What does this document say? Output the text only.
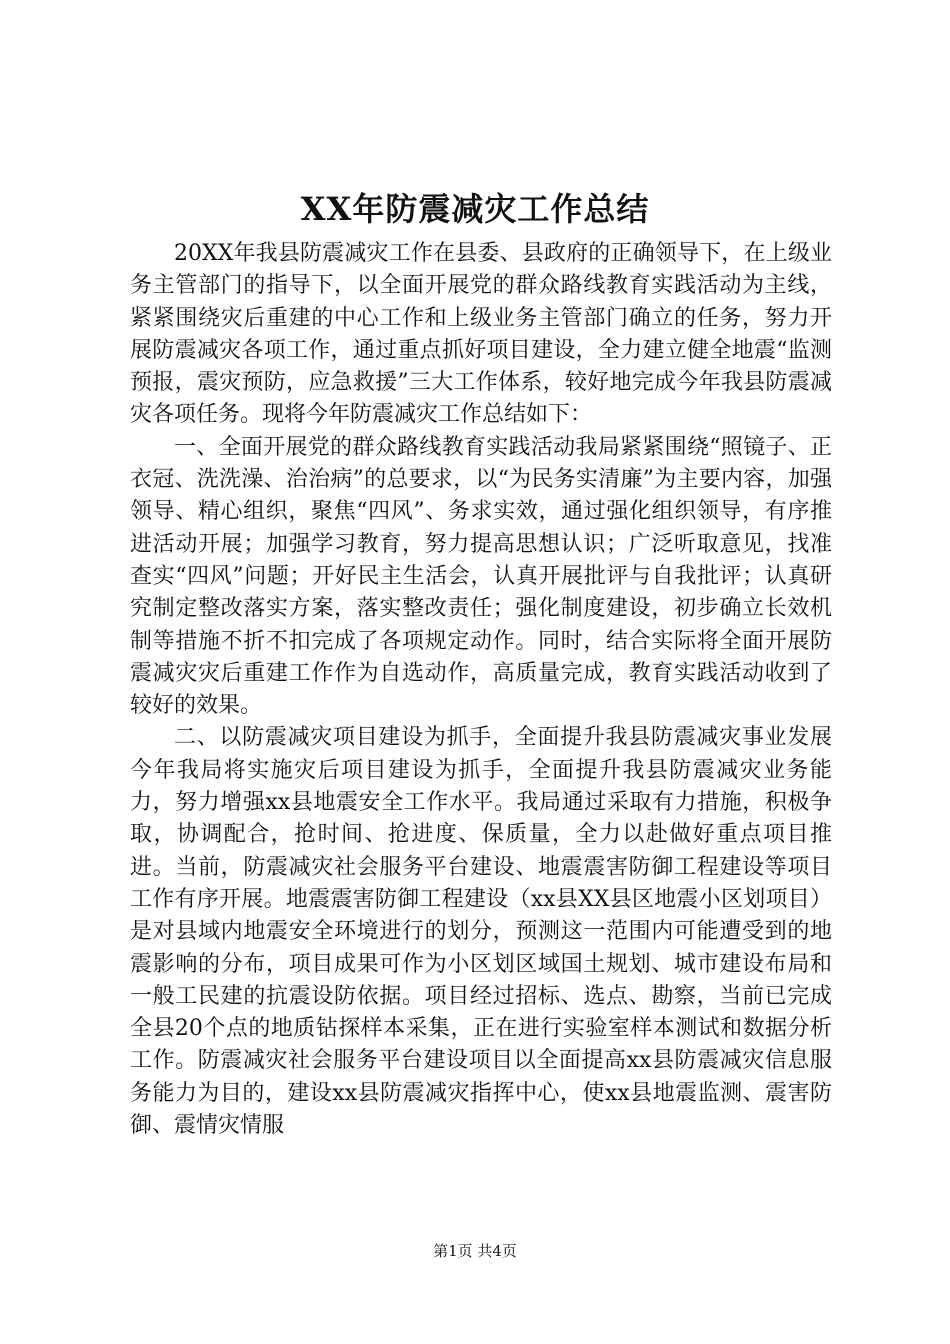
XX年防震减灾工作总结

20XX年我县防震减灾工作在县委、县政府的正确领导下，在上级业务主管部门的指导下，以全面开展党的群众路线教育实践活动为主线，紧紧围绕灾后重建的中心工作和上级业务主管部门确立的任务，努力开展防震减灾各项工作，通过重点抓好项目建设，全力建立健全地震“监测预报，震灾预防，应急救援”三大工作体系，较好地完成今年我县防震减灾各项任务。现将今年防震减灾工作总结如下：

一、全面开展党的群众路线教育实践活动我局紧紧围绕“照镜子、正衣冠、洗洗澡、治治病”的总要求，以“为民务实清廉”为主要内容，加强领导、精心组织，聚焦“四风”、务求实效，通过强化组织领导，有序推进活动开展；加强学习教育，努力提高思想认识；广泛听取意见，找准查实“四风”问题；开好民主生活会，认真开展批评与自我批评；认真研究制定整改落实方案，落实整改责任；强化制度建设，初步确立长效机制等措施不折不扣完成了各项规定动作。同时，结合实际将全面开展防震减灾灾后重建工作作为自选动作，高质量完成，教育实践活动收到了较好的效果。

二、以防震减灾项目建设为抓手，全面提升我县防震减灾事业发展今年我局将实施灾后项目建设为抓手，全面提升我县防震减灾业务能力，努力增强xx县地震安全工作水平。我局通过采取有力措施，积极争取，协调配合，抢时间、抢进度、保质量，全力以赴做好重点项目推进。当前，防震减灾社会服务平台建设、地震震害防御工程建设等项目工作有序开展。地震震害防御工程建设（xx县XX县区地震小区划项目）是对县域内地震安全环境进行的划分，预测这一范围内可能遭受到的地震影响的分布，项目成果可作为小区划区域国土规划、城市建设布局和一般工民建的抗震设防依据。项目经过招标、选点、勘察，当前已完成全县20个点的地质钻探样本采集，正在进行实验室样本测试和数据分析工作。防震减灾社会服务平台建设项目以全面提高xx县防震减灾信息服务能力为目的，建设xx县防震减灾指挥中心，使xx县地震监测、震害防御、震情灾情服

第1页 共4页
